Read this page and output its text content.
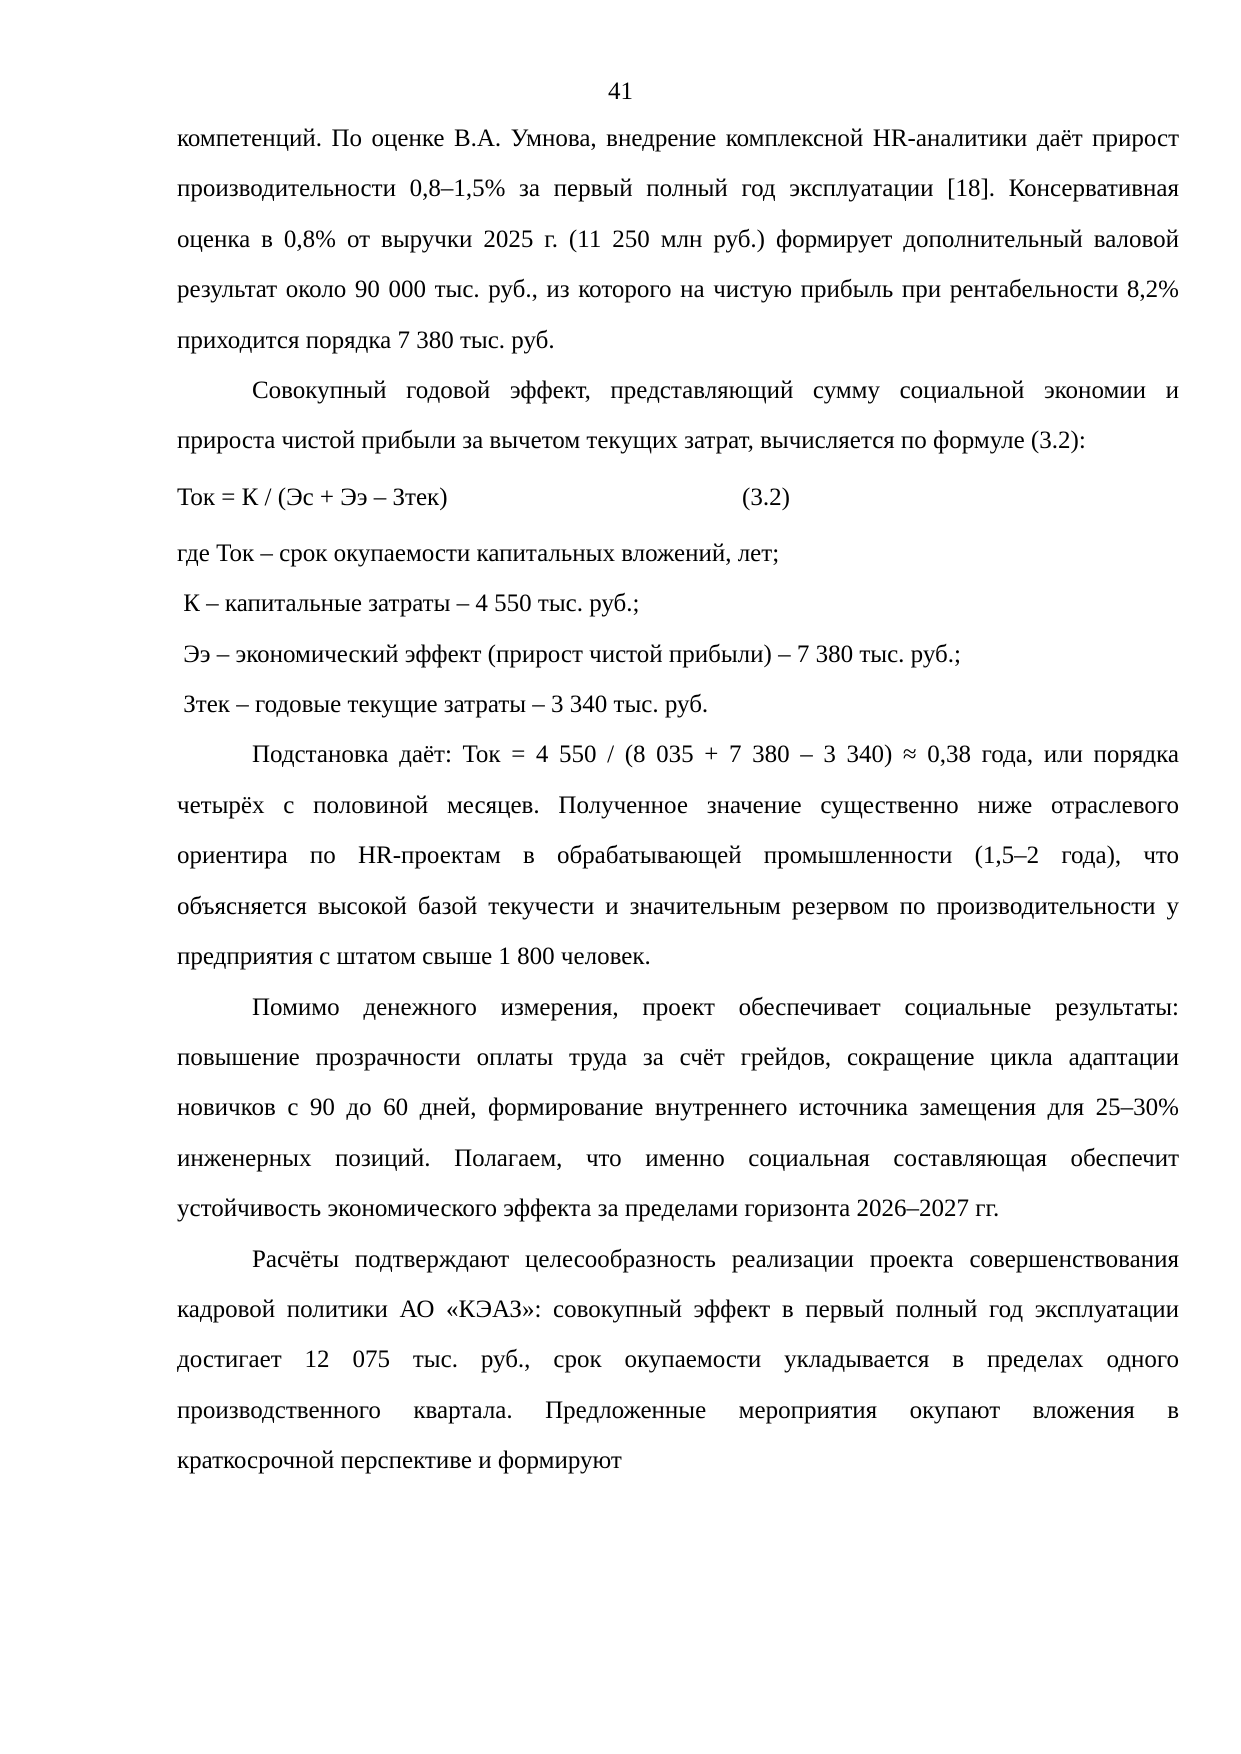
41

компетенций. По оценке В.А. Умнова, внедрение комплексной HR-аналитики даёт прирост производительности 0,8–1,5% за первый полный год эксплуатации [18]. Консервативная оценка в 0,8% от выручки 2025 г. (11 250 млн руб.) формирует дополнительный валовой результат около 90 000 тыс. руб., из которого на чистую прибыль при рентабельности 8,2% приходится порядка 7 380 тыс. руб.

Совокупный годовой эффект, представляющий сумму социальной экономии и прироста чистой прибыли за вычетом текущих затрат, вычисляется по формуле (3.2):

Ток = К / (Эс + Ээ – Зтек)	(3.2)

где Ток – срок окупаемости капитальных вложений, лет;

К – капитальные затраты – 4 550 тыс. руб.;

Ээ – экономический эффект (прирост чистой прибыли) – 7 380 тыс. руб.;

Зтек – годовые текущие затраты – 3 340 тыс. руб.

Подстановка даёт: Ток = 4 550 / (8 035 + 7 380 – 3 340) ≈ 0,38 года, или порядка четырёх с половиной месяцев. Полученное значение существенно ниже отраслевого ориентира по HR-проектам в обрабатывающей промышленности (1,5–2 года), что объясняется высокой базой текучести и значительным резервом по производительности у предприятия с штатом свыше 1 800 человек.

Помимо денежного измерения, проект обеспечивает социальные результаты: повышение прозрачности оплаты труда за счёт грейдов, сокращение цикла адаптации новичков с 90 до 60 дней, формирование внутреннего источника замещения для 25–30% инженерных позиций. Полагаем, что именно социальная составляющая обеспечит устойчивость экономического эффекта за пределами горизонта 2026–2027 гг.

Расчёты подтверждают целесообразность реализации проекта совершенствования кадровой политики АО «КЭАЗ»: совокупный эффект в первый полный год эксплуатации достигает 12 075 тыс. руб., срок окупаемости укладывается в пределах одного производственного квартала. Предложенные мероприятия окупают вложения в краткосрочной перспективе и формируют
